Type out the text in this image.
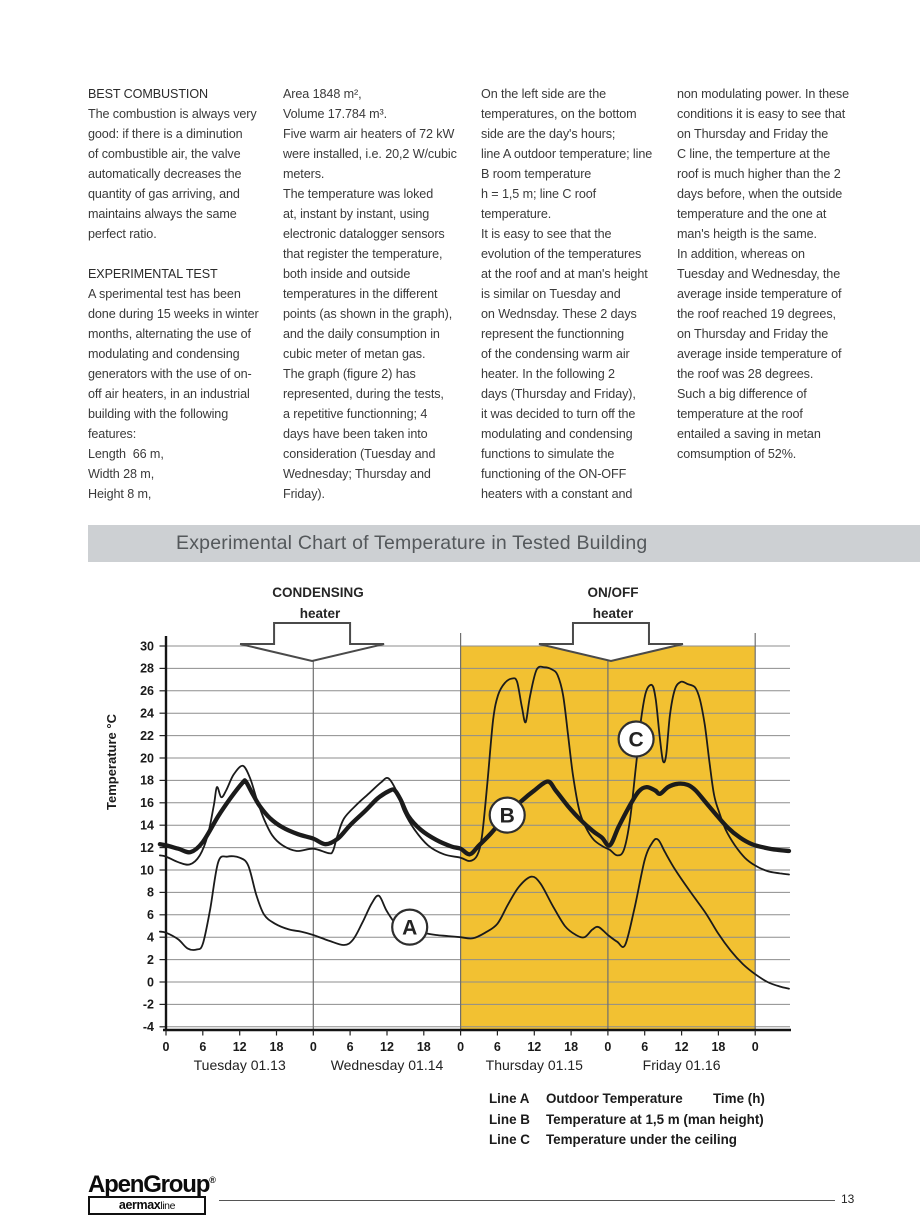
BEST COMBUSTION
The combustion is always very
good: if there is a diminution
of combustible air, the valve
automatically decreases the
quantity of gas arriving, and
maintains always the same
perfect ratio.
EXPERIMENTAL TEST
A sperimental test has been
done during 15 weeks in winter
months, alternating the use of
modulating and condensing
generators with the use of on-
off air heaters, in an industrial
building with the following
features:
Length  66 m,
Width 28 m,
Height 8 m,
Area 1848 m²,
Volume 17.784 m³.
Five warm air heaters of 72 kW
were installed, i.e. 20,2 W/cubic
meters.
The temperature was loked
at, instant by instant, using
electronic datalogger sensors
that register the temperature,
both inside and outside
temperatures in the different
points (as shown in the graph),
and the daily consumption in
cubic meter of metan gas.
The graph (figure 2) has
represented, during the tests,
a repetitive functionning; 4
days have been taken into
consideration (Tuesday and
Wednesday; Thursday and
Friday).
On the left side are the
temperatures, on the bottom
side are the day's hours;
line A outdoor temperature; line
B room temperature
h = 1,5 m; line C roof
temperature.
It is easy to see that the
evolution of the temperatures
at the roof and at man's height
is similar on Tuesday and
on Wednsday. These 2 days
represent the functionning
of the condensing warm air
heater. In the following 2
days (Thursday and Friday),
it was decided to turn off the
modulating and condensing
functions to simulate the
functioning of the ON-OFF
heaters with a constant and
non modulating power. In these
conditions it is easy to see that
on Thursday and Friday the
C line, the temperture at the
roof is much higher than the 2
days before, when the outside
temperature and the one at
man's heigth is the same.
In addition, whereas on
Tuesday and Wednesday, the
average inside temperature of
the roof reached 19 degrees,
on Thursday and Friday the
average inside temperature of
the roof was 28 degrees.
Such a big difference of
temperature at the roof
entailed a saving in metan
comsumption of 52%.
Experimental Chart of Temperature in Tested Building
-4
-2
0
2
4
6
8
10
12
14
16
18
20
22
24
26
28
30
0 6 12 18
Tuesday 01.13
0 6 12 18
Wednesday 01.14
0 6 12 18
Thursday 01.15
0 6 12 18
Friday 01.16
0
A
B
C
CONDENSING
heater
ON/OFF
heater
Temperature °C
Line A Outdoor Temperature Time (h)
Line B Temperature at 1,5 m (man height)
Line C Temperature under the ceiling
ApenGroup®
aermaxline	13
